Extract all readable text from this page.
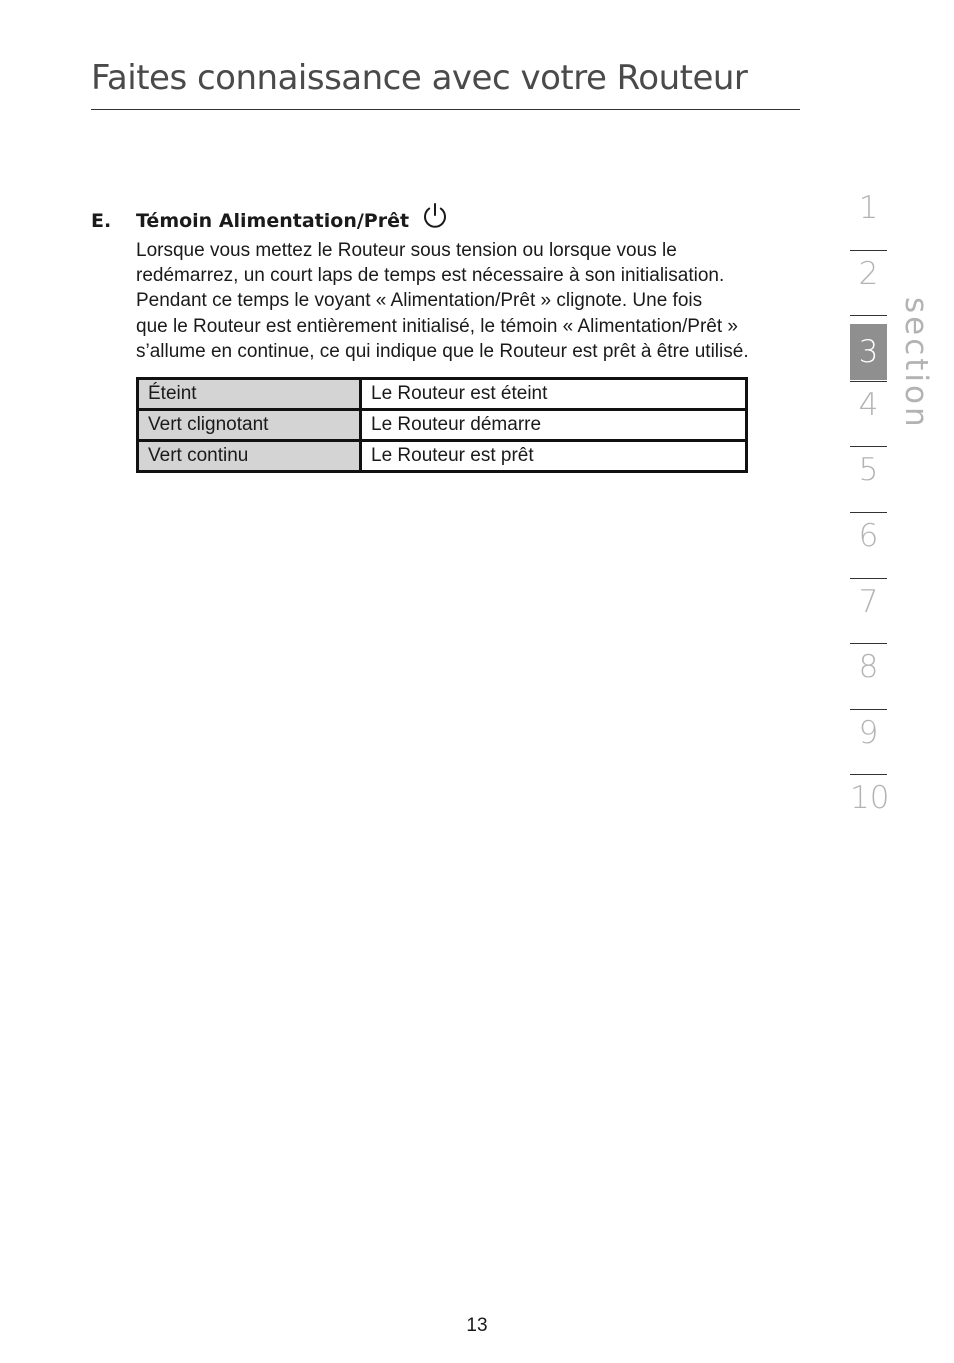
Faites connaissance avec votre Routeur
E. Témoin Alimentation/Prêt

Lorsque vous mettez le Routeur sous tension ou lorsque vous le

redémarrez, un court laps de temps est nécessaire à son initialisation.

Pendant ce temps le voyant « Alimentation/Prêt » clignote. Une fois

que le Routeur est entièrement initialisé, le témoin « Alimentation/Prêt »

s’allume en continue, ce qui indique que le Routeur est prêt à être utilisé.

Éteint	Le Routeur est éteint
Vert clignotant	Le Routeur démarre
Vert continu	Le Routeur est prêt
1
2
3
4
5
6
7
8
9
10
section
13
